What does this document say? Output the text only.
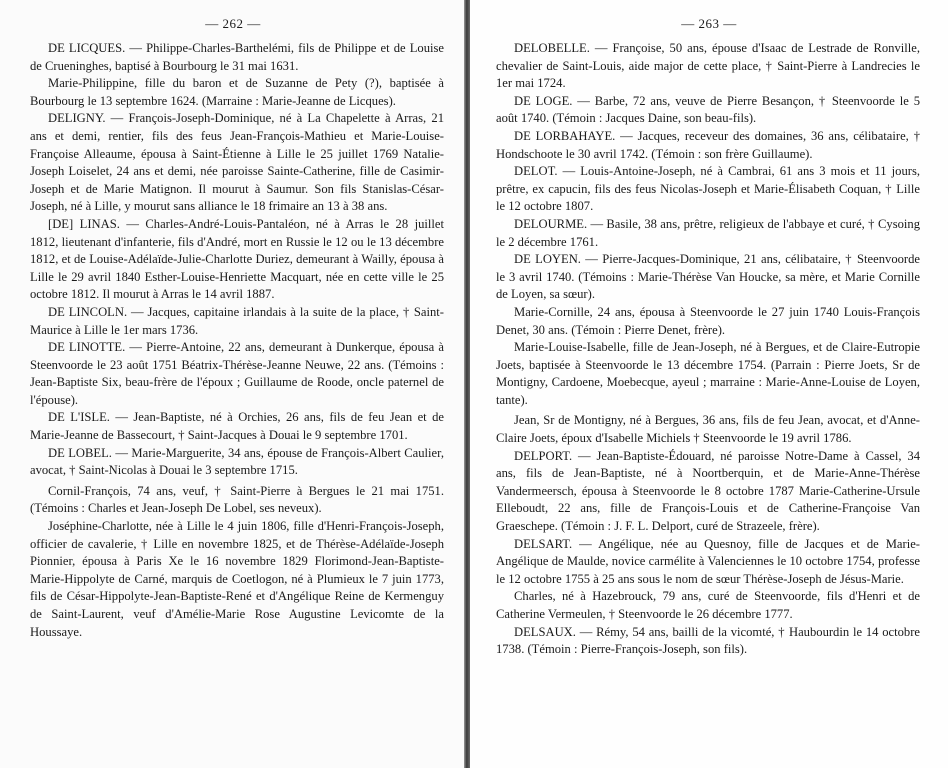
— 262 —

DE LICQUES. — Philippe-Charles-Barthelémi, fils de Philippe et de Louise de Crueninghes, baptisé à Bourbourg le 31 mai 1631.

Marie-Philippine, fille du baron et de Suzanne de Pety (?), baptisée à Bourbourg le 13 septembre 1624. (Marraine : Marie-Jeanne de Licques).

DELIGNY. — François-Joseph-Dominique, né à La Chapelette à Arras, 21 ans et demi, rentier, fils des feus Jean-François-Mathieu et Marie-Louise-Françoise Alleaume, épousa à Saint-Étienne à Lille le 25 juillet 1769 Natalie-Joseph Loiselet, 24 ans et demi, née paroisse Sainte-Catherine, fille de Casimir-Joseph et de Marie Matignon. Il mourut à Saumur. Son fils Stanislas-César-Joseph, né à Lille, y mourut sans alliance le 18 frimaire an 13 à 38 ans.

[DE] LINAS. — Charles-André-Louis-Pantaléon, né à Arras le 28 juillet 1812, lieutenant d'infanterie, fils d'André, mort en Russie le 12 ou le 13 décembre 1812, et de Louise-Adélaïde-Julie-Charlotte Duriez, demeurant à Wailly, épousa à Lille le 29 avril 1840 Esther-Louise-Henriette Macquart, née en cette ville le 25 octobre 1812. Il mourut à Arras le 14 avril 1887.

DE LINCOLN. — Jacques, capitaine irlandais à la suite de la place, † Saint-Maurice à Lille le 1er mars 1736.

DE LINOTTE. — Pierre-Antoine, 22 ans, demeurant à Dunkerque, épousa à Steenvoorde le 23 août 1751 Béatrix-Thérèse-Jeanne Neuwe, 22 ans. (Témoins : Jean-Baptiste Six, beau-frère de l'époux ; Guillaume de Roode, oncle paternel de l'épouse).

DE L'ISLE. — Jean-Baptiste, né à Orchies, 26 ans, fils de feu Jean et de Marie-Jeanne de Bassecourt, † Saint-Jacques à Douai le 9 septembre 1701.

DE LOBEL. — Marie-Marguerite, 34 ans, épouse de François-Albert Caulier, avocat, † Saint-Nicolas à Douai le 3 septembre 1715.

Cornil-François, 74 ans, veuf, † Saint-Pierre à Bergues le 21 mai 1751. (Témoins : Charles et Jean-Joseph De Lobel, ses neveux).

Joséphine-Charlotte, née à Lille le 4 juin 1806, fille d'Henri-François-Joseph, officier de cavalerie, † Lille en novembre 1825, et de Thérèse-Adélaïde-Joseph Pionnier, épousa à Paris Xe le 16 novembre 1829 Florimond-Jean-Baptiste-Marie-Hippolyte de Carné, marquis de Coetlogon, né à Plumieux le 7 juin 1773, fils de César-Hippolyte-Jean-Baptiste-René et d'Angélique Reine de Kermenguy de Saint-Laurent, veuf d'Amélie-Marie Rose Augustine Levicomte de la Houssaye.

— 263 —

DELOBELLE. — Françoise, 50 ans, épouse d'Isaac de Lestrade de Ronville, chevalier de Saint-Louis, aide major de cette place, † Saint-Pierre à Landrecies le 1er mai 1724.

DE LOGE. — Barbe, 72 ans, veuve de Pierre Besançon, † Steenvoorde le 5 août 1740. (Témoin : Jacques Daine, son beau-fils).

DE LORBAHAYE. — Jacques, receveur des domaines, 36 ans, célibataire, † Hondschoote le 30 avril 1742. (Témoin : son frère Guillaume).

DELOT. — Louis-Antoine-Joseph, né à Cambrai, 61 ans 3 mois et 11 jours, prêtre, ex capucin, fils des feus Nicolas-Joseph et Marie-Élisabeth Coquan, † Lille le 12 octobre 1807.

DELOURME. — Basile, 38 ans, prêtre, religieux de l'abbaye et curé, † Cysoing le 2 décembre 1761.

DE LOYEN. — Pierre-Jacques-Dominique, 21 ans, célibataire, † Steenvoorde le 3 avril 1740. (Témoins : Marie-Thérèse Van Houcke, sa mère, et Marie Cornille de Loyen, sa sœur).

Marie-Cornille, 24 ans, épousa à Steenvoorde le 27 juin 1740 Louis-François Denet, 30 ans. (Témoin : Pierre Denet, frère).

Marie-Louise-Isabelle, fille de Jean-Joseph, né à Bergues, et de Claire-Eutropie Joets, baptisée à Steenvoorde le 13 décembre 1754. (Parrain : Pierre Joets, Sr de Montigny, Cardoene, Moebecque, ayeul ; marraine : Marie-Anne-Louise de Loyen, tante).

Jean, Sr de Montigny, né à Bergues, 36 ans, fils de feu Jean, avocat, et d'Anne-Claire Joets, époux d'Isabelle Michiels † Steenvoorde le 19 avril 1786.

DELPORT. — Jean-Baptiste-Édouard, né paroisse Notre-Dame à Cassel, 34 ans, fils de Jean-Baptiste, né à Noortberquin, et de Marie-Anne-Thérèse Vandermeersch, épousa à Steenvoorde le 8 octobre 1787 Marie-Catherine-Ursule Elleboudt, 22 ans, fille de François-Louis et de Catherine-Françoise Van Graeschepe. (Témoin : J. F. L. Delport, curé de Strazeele, frère).

DELSART. — Angélique, née au Quesnoy, fille de Jacques et de Marie-Angélique de Maulde, novice carmélite à Valenciennes le 10 octobre 1754, professe le 12 octobre 1755 à 25 ans sous le nom de sœur Thérèse-Joseph de Jésus-Marie.

Charles, né à Hazebrouck, 79 ans, curé de Steenvoorde, fils d'Henri et de Catherine Vermeulen, † Steenvoorde le 26 décembre 1777.

DELSAUX. — Rémy, 54 ans, bailli de la vicomté, † Haubourdin le 14 octobre 1738. (Témoin : Pierre-François-Joseph, son fils).
